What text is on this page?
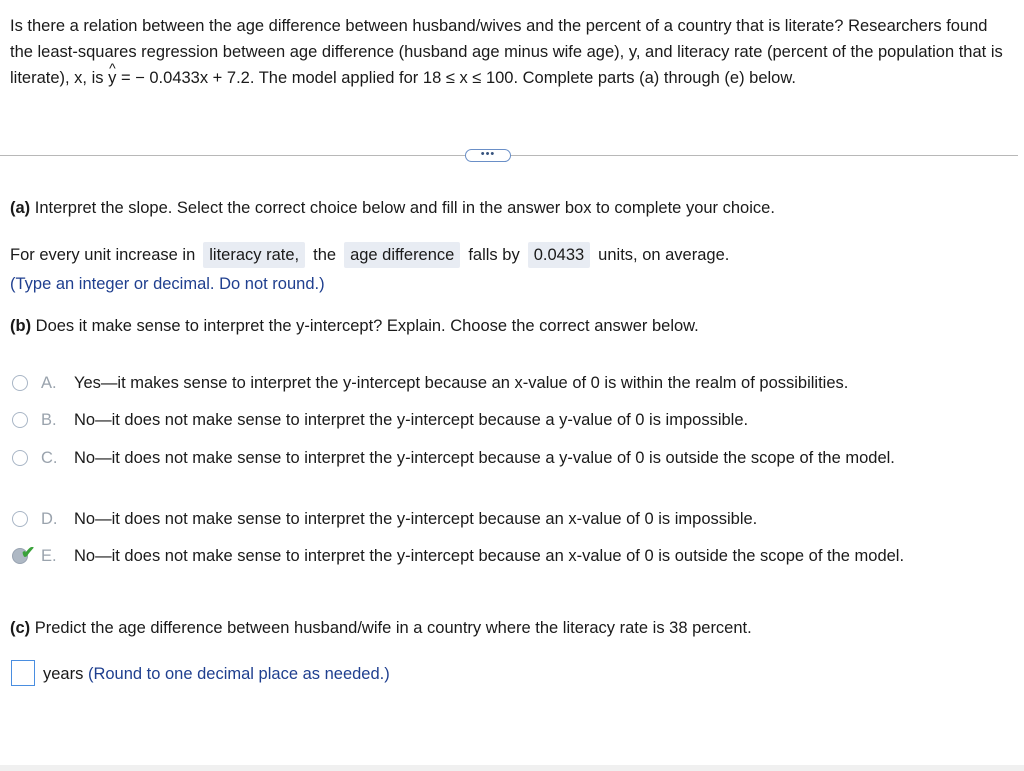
Is there a relation between the age difference between husband/wives and the percent of a country that is literate? Researchers found the least-squares regression between age difference (husband age minus wife age), y, and literacy rate (percent of the population that is literate), x, is ^ y = − 0.0433x + 7.2. The model applied for 18 ≤ x ≤ 100. Complete parts (a) through (e) below.
•••
(a) Interpret the slope. Select the correct choice below and fill in the answer box to complete your choice.
For every unit increase in literacy rate, the age difference falls by 0.0433 units, on average.
(Type an integer or decimal. Do not round.)
(b) Does it make sense to interpret the y-intercept? Explain. Choose the correct answer below.
A. Yes—it makes sense to interpret the y-intercept because an x-value of 0 is within the realm of possibilities.
B. No—it does not make sense to interpret the y-intercept because a y-value of 0 is impossible.
C. No—it does not make sense to interpret the y-intercept because a y-value of 0 is outside the scope of the model.
D. No—it does not make sense to interpret the y-intercept because an x-value of 0 is impossible.
✔ E. No—it does not make sense to interpret the y-intercept because an x-value of 0 is outside the scope of the model.
(c) Predict the age difference between husband/wife in a country where the literacy rate is 38 percent.
years (Round to one decimal place as needed.)
